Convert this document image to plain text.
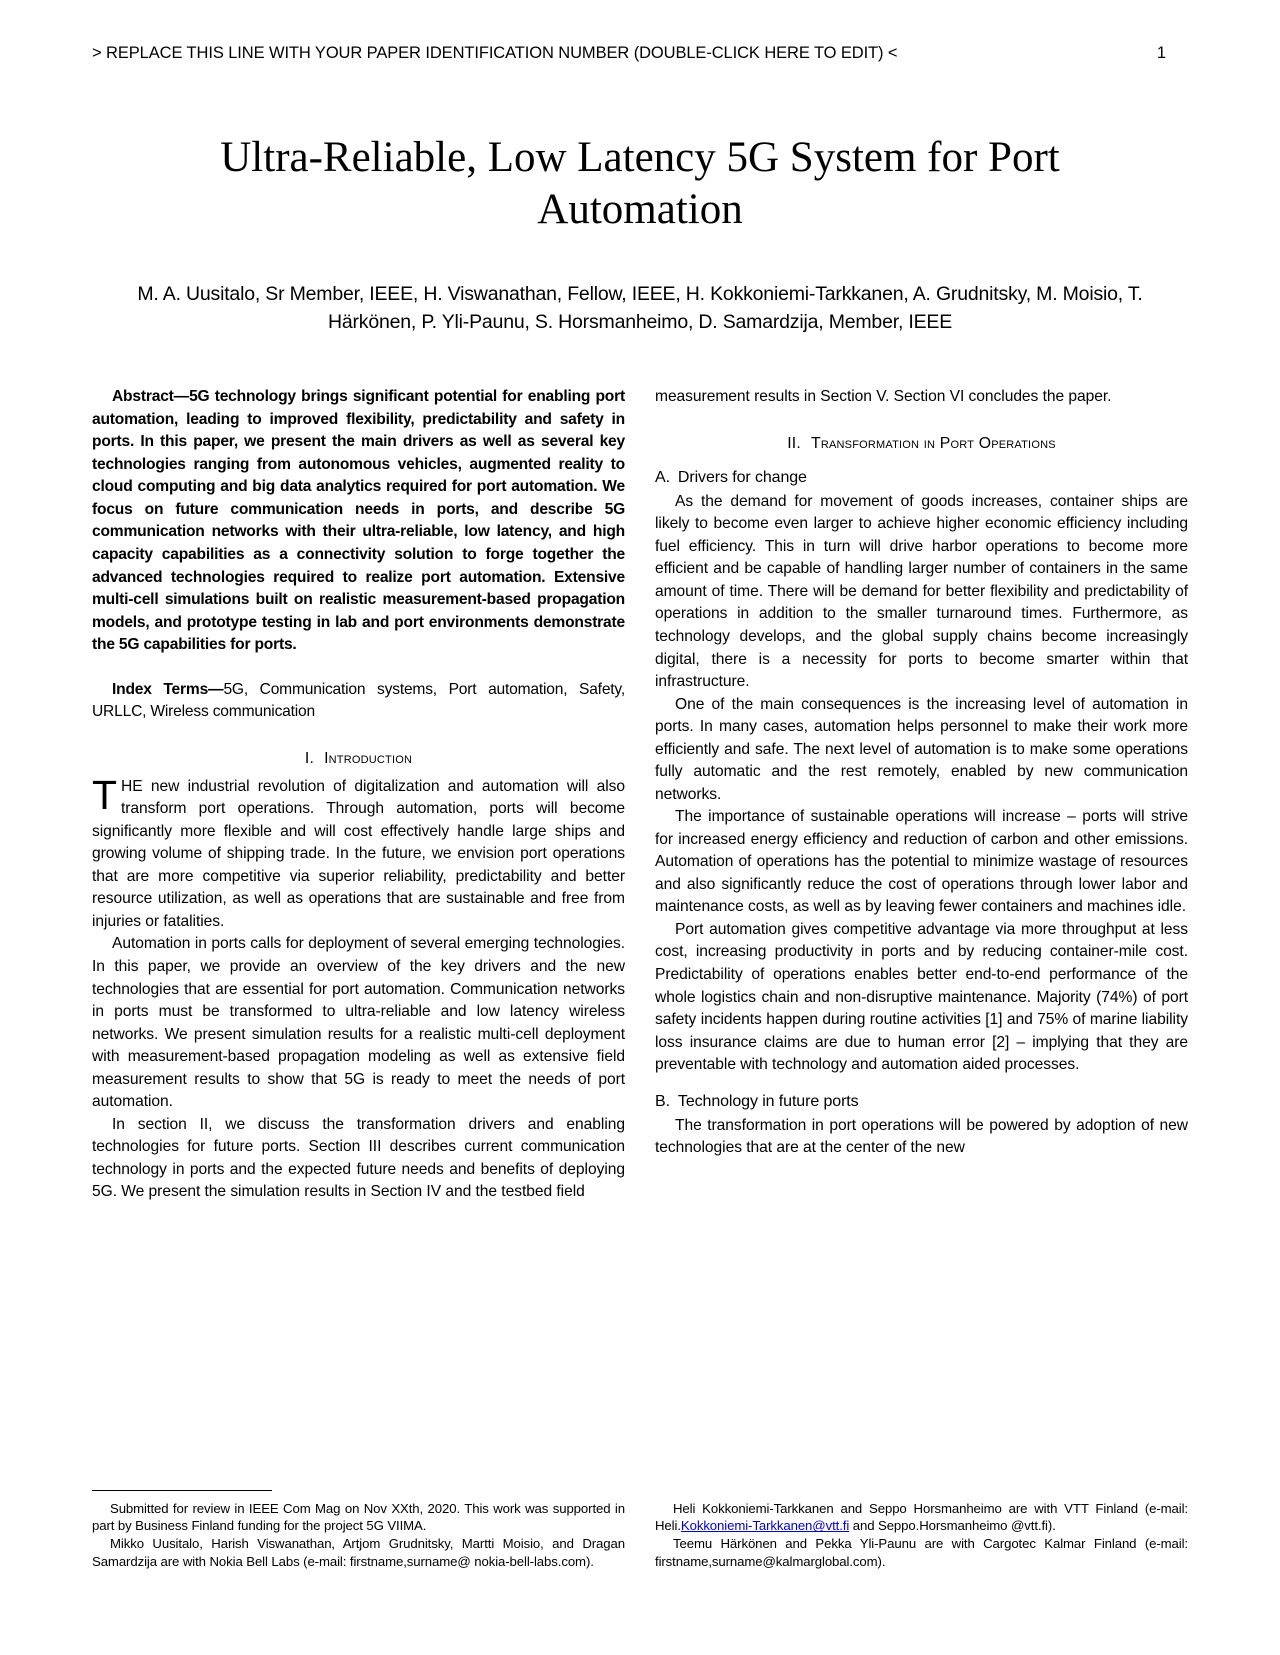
> REPLACE THIS LINE WITH YOUR PAPER IDENTIFICATION NUMBER (DOUBLE-CLICK HERE TO EDIT) <	1
Ultra-Reliable, Low Latency 5G System for Port Automation
M. A. Uusitalo, Sr Member, IEEE, H. Viswanathan, Fellow, IEEE, H. Kokkoniemi-Tarkkanen, A. Grudnitsky, M. Moisio, T. Härkönen, P. Yli-Paunu, S. Horsmanheimo, D. Samardzija, Member, IEEE

Abstract—5G technology brings significant potential for enabling port automation, leading to improved flexibility, predictability and safety in ports. In this paper, we present the main drivers as well as several key technologies ranging from autonomous vehicles, augmented reality to cloud computing and big data analytics required for port automation. We focus on future communication needs in ports, and describe 5G communication networks with their ultra-reliable, low latency, and high capacity capabilities as a connectivity solution to forge together the advanced technologies required to realize port automation. Extensive multi-cell simulations built on realistic measurement-based propagation models, and prototype testing in lab and port environments demonstrate the 5G capabilities for ports.

Index Terms—5G, Communication systems, Port automation, Safety, URLLC, Wireless communication

I. Introduction

THE new industrial revolution of digitalization and automation will also transform port operations. Through automation, ports will become significantly more flexible and will cost effectively handle large ships and growing volume of shipping trade. In the future, we envision port operations that are more competitive via superior reliability, predictability and better resource utilization, as well as operations that are sustainable and free from injuries or fatalities.

Automation in ports calls for deployment of several emerging technologies. In this paper, we provide an overview of the key drivers and the new technologies that are essential for port automation. Communication networks in ports must be transformed to ultra-reliable and low latency wireless networks. We present simulation results for a realistic multi-cell deployment with measurement-based propagation modeling as well as extensive field measurement results to show that 5G is ready to meet the needs of port automation.

In section II, we discuss the transformation drivers and enabling technologies for future ports. Section III describes current communication technology in ports and the expected future needs and benefits of deploying 5G. We present the simulation results in Section IV and the testbed field

measurement results in Section V. Section VI concludes the paper.

II. Transformation in Port Operations
A. Drivers for change

As the demand for movement of goods increases, container ships are likely to become even larger to achieve higher economic efficiency including fuel efficiency. This in turn will drive harbor operations to become more efficient and be capable of handling larger number of containers in the same amount of time. There will be demand for better flexibility and predictability of operations in addition to the smaller turnaround times. Furthermore, as technology develops, and the global supply chains become increasingly digital, there is a necessity for ports to become smarter within that infrastructure.

One of the main consequences is the increasing level of automation in ports. In many cases, automation helps personnel to make their work more efficiently and safe. The next level of automation is to make some operations fully automatic and the rest remotely, enabled by new communication networks.

The importance of sustainable operations will increase – ports will strive for increased energy efficiency and reduction of carbon and other emissions. Automation of operations has the potential to minimize wastage of resources and also significantly reduce the cost of operations through lower labor and maintenance costs, as well as by leaving fewer containers and machines idle.

Port automation gives competitive advantage via more throughput at less cost, increasing productivity in ports and by reducing container-mile cost. Predictability of operations enables better end-to-end performance of the whole logistics chain and non-disruptive maintenance. Majority (74%) of port safety incidents happen during routine activities [1] and 75% of marine liability loss insurance claims are due to human error [2] – implying that they are preventable with technology and automation aided processes.

B. Technology in future ports

The transformation in port operations will be powered by adoption of new technologies that are at the center of the new

Submitted for review in IEEE Com Mag on Nov XXth, 2020. This work was supported in part by Business Finland funding for the project 5G VIIMA.

Mikko Uusitalo, Harish Viswanathan, Artjom Grudnitsky, Martti Moisio, and Dragan Samardzija are with Nokia Bell Labs (e-mail: firstname,surname@ nokia-bell-labs.com).

Heli Kokkoniemi-Tarkkanen and Seppo Horsmanheimo are with VTT Finland (e-mail: Heli.Kokkoniemi-Tarkkanen@vtt.fi and Seppo.Horsmanheimo @vtt.fi).

Teemu Härkönen and Pekka Yli-Paunu are with Cargotec Kalmar Finland (e-mail: firstname,surname@kalmarglobal.com).
